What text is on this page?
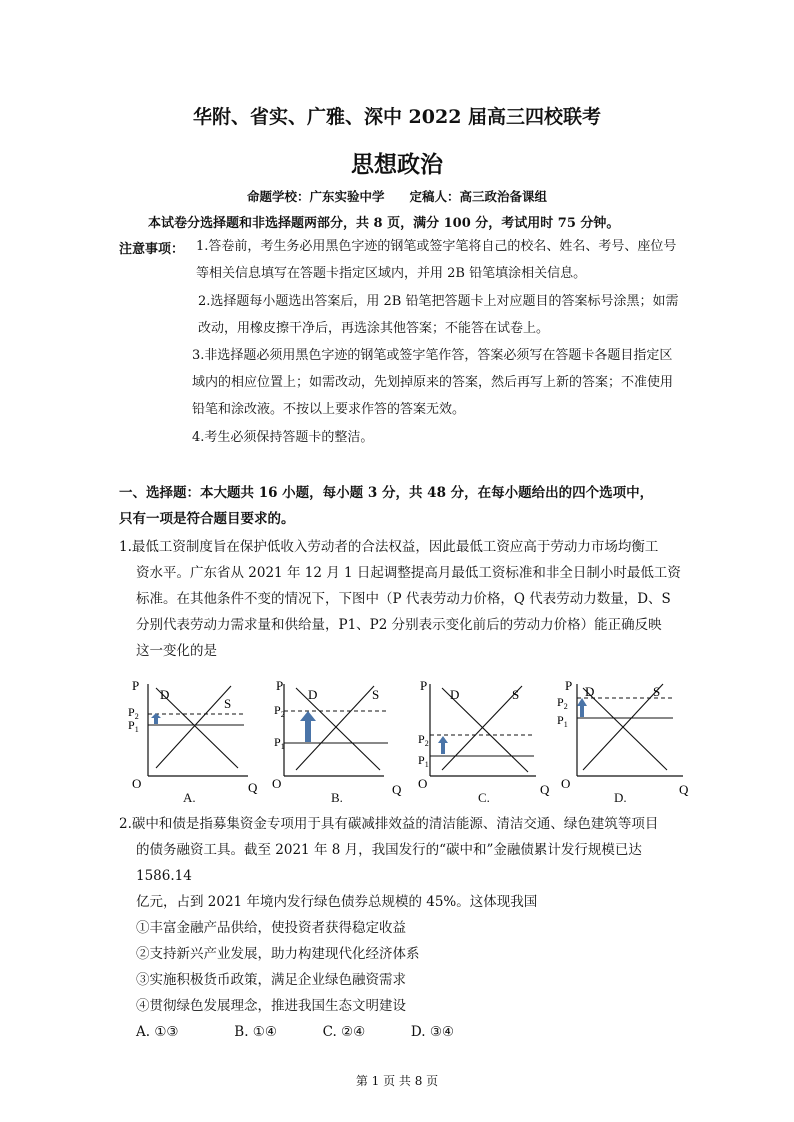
华附、省实、广雅、深中 2022 届高三四校联考
思想政治
命题学校：广东实验中学　　定稿人：高三政治备课组
本试卷分选择题和非选择题两部分，共 8 页，满分 100 分，考试用时 75 分钟。
注意事项： 1.答卷前，考生务必用黑色字迹的钢笔或签字笔将自己的校名、姓名、考号、座位号等相关信息填写在答题卡指定区域内，并用 2B 铅笔填涂相关信息。
2.选择题每小题选出答案后，用 2B 铅笔把答题卡上对应题目的答案标号涂黑；如需改动，用橡皮擦干净后，再选涂其他答案；不能答在试卷上。
3.非选择题必须用黑色字迹的钢笔或签字笔作答，答案必须写在答题卡各题目指定区域内的相应位置上；如需改动，先划掉原来的答案，然后再写上新的答案；不准使用铅笔和涂改液。不按以上要求作答的答案无效。
4.考生必须保持答题卡的整洁。
一、选择题：本大题共 16 小题，每小题 3 分，共 48 分，在每小题给出的四个选项中，
只有一项是符合题目要求的。
1.最低工资制度旨在保护低收入劳动者的合法权益，因此最低工资应高于劳动力市场均衡工
资水平。广东省从 2021 年 12 月 1 日起调整提高月最低工资标准和非全日制小时最低工资
标准。在其他条件不变的情况下，下图中（P 代表劳动力价格，Q 代表劳动力数量，D、S
分别代表劳动力需求量和供给量，P1、P2 分别表示变化前后的劳动力价格）能正确反映
这一变化的是
P
Q
O
D
S
$P_2$
$P_1$
A.
P
Q
O
D	S
$P_2$
$P_1$
B.
P
Q
O
D	S
$P_2$
$P_1$
C.
P
Q
O
D	S
$P_2$
$P_1$
D.
2.碳中和债是指募集资金专项用于具有碳减排效益的清洁能源、清洁交通、绿色建筑等项目
的债务融资工具。截至 2021 年 8 月，我国发行的“碳中和”金融债累计发行规模已达 1586.14
亿元，占到 2021 年境内发行绿色债券总规模的 45%。这体现我国
①丰富金融产品供给，使投资者获得稳定收益
②支持新兴产业发展，助力构建现代化经济体系
③实施积极货币政策，满足企业绿色融资需求
④贯彻绿色发展理念，推进我国生态文明建设
A. ①③	B. ①④	C. ②④	D. ③④
第 1 页 共 8 页
